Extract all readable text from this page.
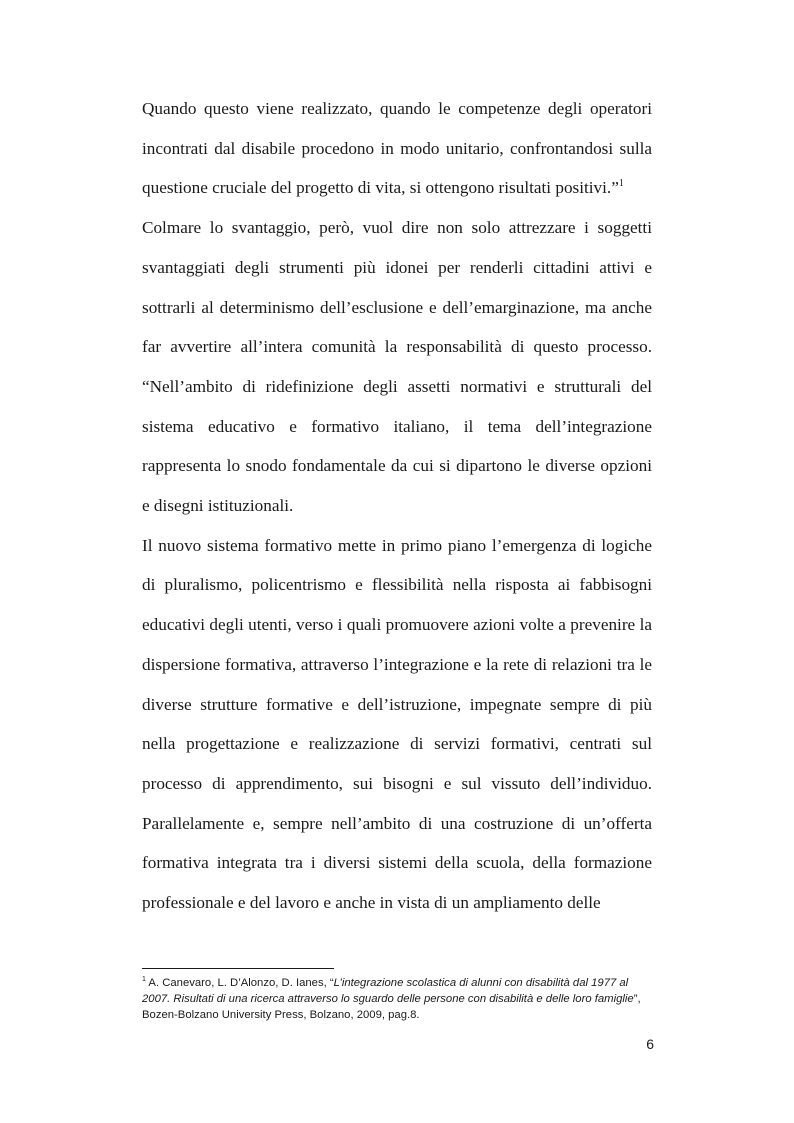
Quando questo viene realizzato, quando le competenze degli operatori incontrati dal disabile procedono in modo unitario, confrontandosi sulla questione cruciale del progetto di vita, si ottengono risultati positivi.”$^1$

Colmare lo svantaggio, però, vuol dire non solo attrezzare i soggetti svantaggiati degli strumenti più idonei per renderli cittadini attivi e sottrarli al determinismo dell’esclusione e dell’emarginazione, ma anche far avvertire all’intera comunità la responsabilità di questo processo. “Nell’ambito di ridefinizione degli assetti normativi e strutturali del sistema educativo e formativo italiano, il tema dell’integrazione rappresenta lo snodo fondamentale da cui si dipartono le diverse opzioni e disegni istituzionali.

Il nuovo sistema formativo mette in primo piano l’emergenza di logiche di pluralismo, policentrismo e flessibilità nella risposta ai fabbisogni educativi degli utenti, verso i quali promuovere azioni volte a prevenire la dispersione formativa, attraverso l’integrazione e la rete di relazioni tra le diverse strutture formative e dell’istruzione, impegnate sempre di più nella progettazione e realizzazione di servizi formativi, centrati sul processo di apprendimento, sui bisogni e sul vissuto dell’individuo. Parallelamente e, sempre nell’ambito di una costruzione di un’offerta formativa integrata tra i diversi sistemi della scuola, della formazione professionale e del lavoro e anche in vista di un ampliamento delle

$^1$ A. Canevaro, L. D’Alonzo, D. Ianes, “L’integrazione scolastica di alunni con disabilità dal 1977 al 2007. Risultati di una ricerca attraverso lo sguardo delle persone con disabilità e delle loro famiglie”, Bozen-Bolzano University Press, Bolzano, 2009, pag.8.
6
